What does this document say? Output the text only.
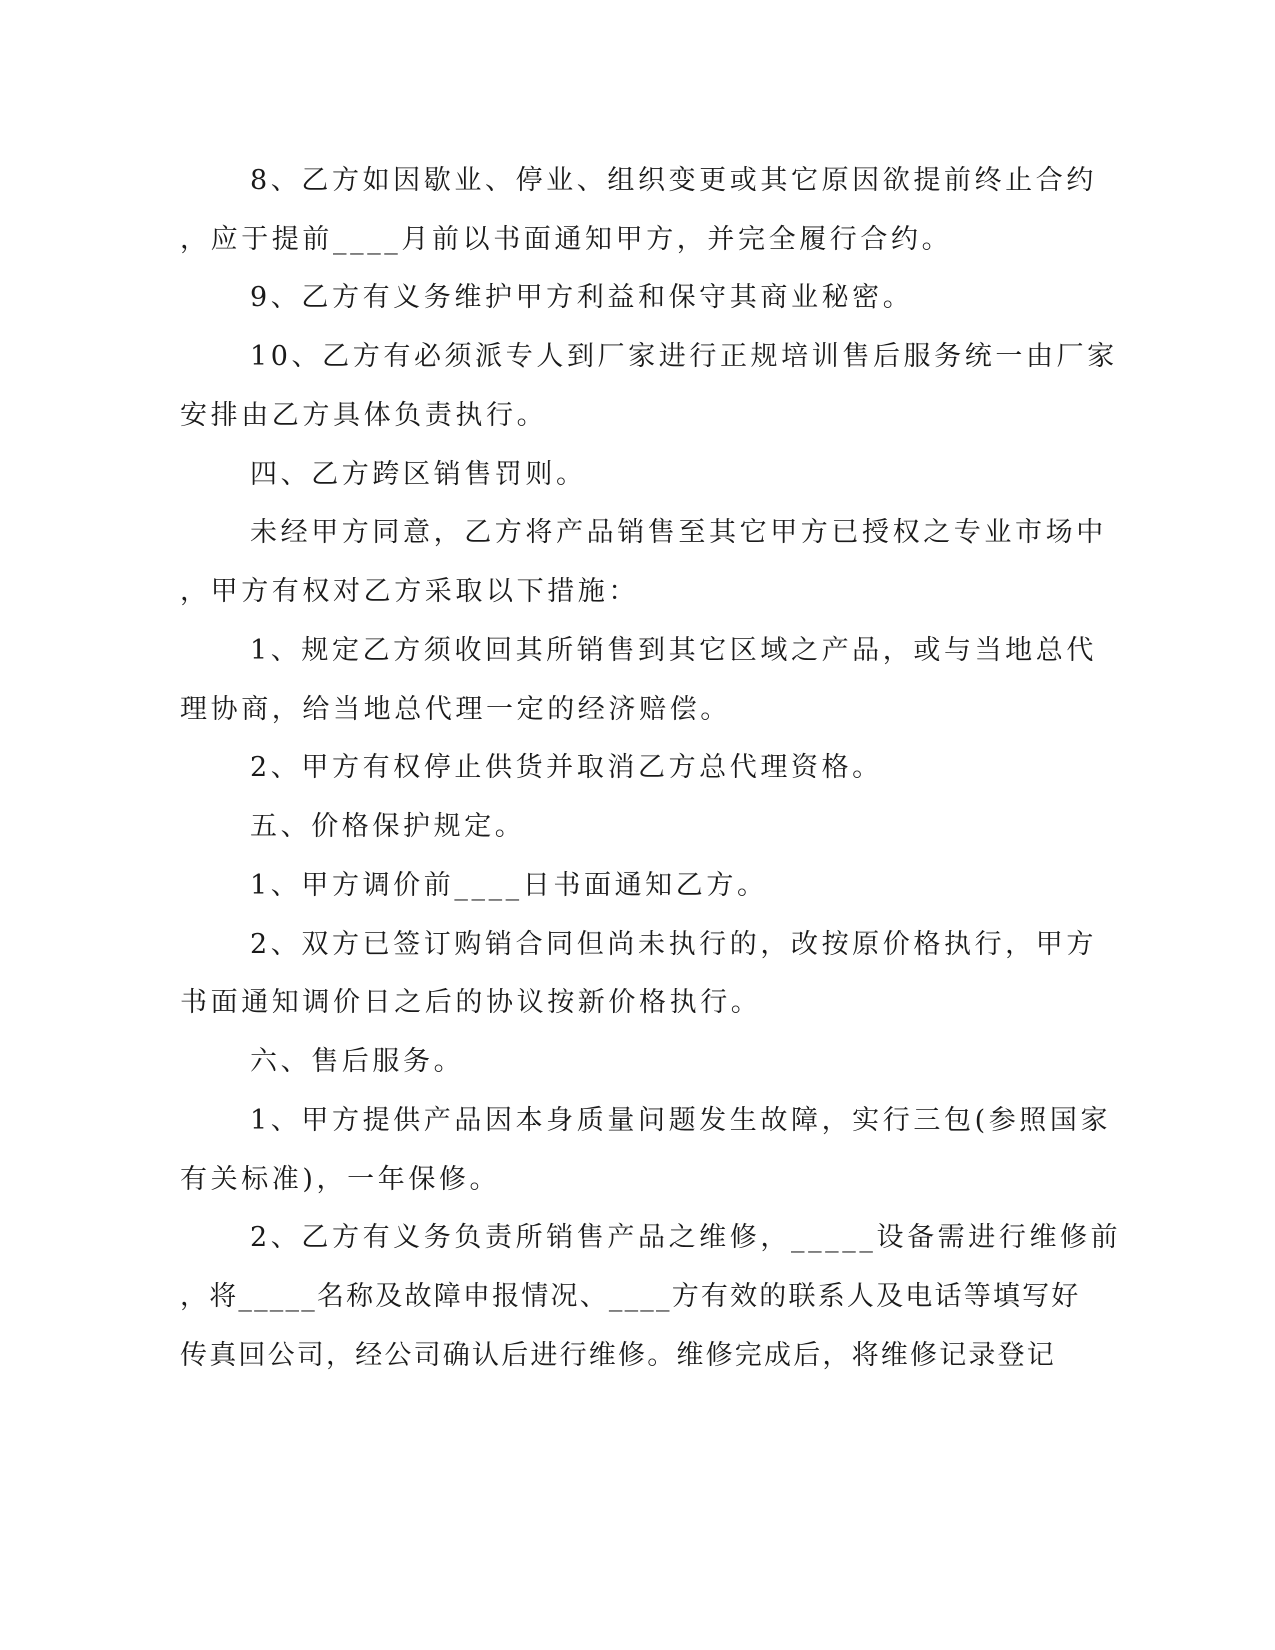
8、乙方如因歇业、停业、组织变更或其它原因欲提前终止合约
，应于提前____月前以书面通知甲方，并完全履行合约。
9、乙方有义务维护甲方利益和保守其商业秘密。
10、乙方有必须派专人到厂家进行正规培训售后服务统一由厂家
安排由乙方具体负责执行。
四、乙方跨区销售罚则。
未经甲方同意，乙方将产品销售至其它甲方已授权之专业市场中
，甲方有权对乙方采取以下措施：
1、规定乙方须收回其所销售到其它区域之产品，或与当地总代
理协商，给当地总代理一定的经济赔偿。
2、甲方有权停止供货并取消乙方总代理资格。
五、价格保护规定。
1、甲方调价前____日书面通知乙方。
2、双方已签订购销合同但尚未执行的，改按原价格执行，甲方
书面通知调价日之后的协议按新价格执行。
六、售后服务。
1、甲方提供产品因本身质量问题发生故障，实行三包(参照国家
有关标准)，一年保修。
2、乙方有义务负责所销售产品之维修，_____设备需进行维修前
，将_____名称及故障申报情况、____方有效的联系人及电话等填写好
传真回公司，经公司确认后进行维修。维修完成后，将维修记录登记
